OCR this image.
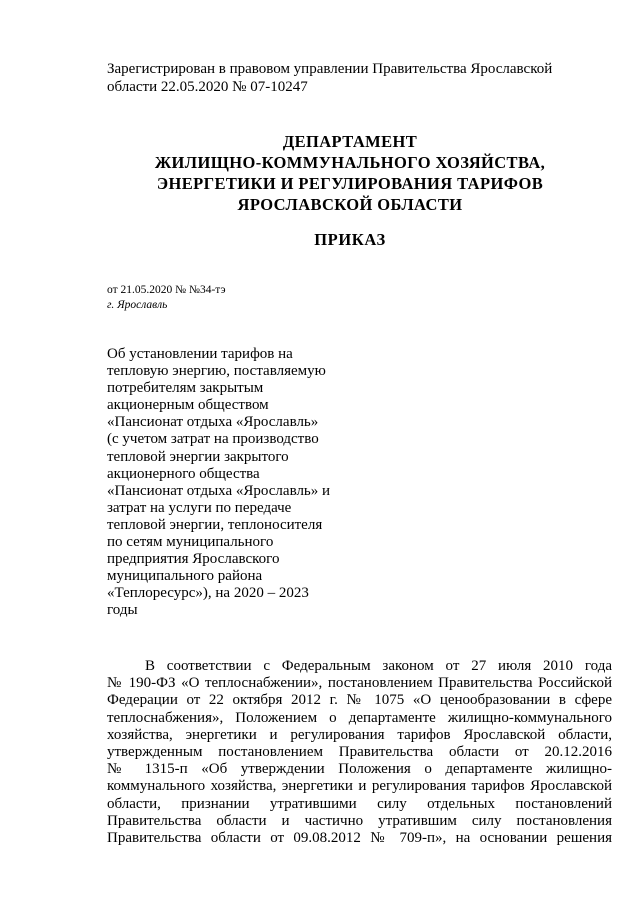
Зарегистрирован в правовом управлении Правительства Ярославской
области 22.05.2020 № 07-10247
ДЕПАРТАМЕНТ
ЖИЛИЩНО-КОММУНАЛЬНОГО ХОЗЯЙСТВА,
ЭНЕРГЕТИКИ И РЕГУЛИРОВАНИЯ ТАРИФОВ
ЯРОСЛАВСКОЙ ОБЛАСТИ
ПРИКАЗ
от 21.05.2020 № №34-тэ
г. Ярославль
Об установлении тарифов на
тепловую энергию, поставляемую
потребителям закрытым
акционерным обществом
«Пансионат отдыха «Ярославль»
(с учетом затрат на производство
тепловой энергии закрытого
акционерного общества
«Пансионат отдыха «Ярославль» и
затрат на услуги по передаче
тепловой энергии, теплоносителя
по сетям муниципального
предприятия Ярославского
муниципального района
«Теплоресурс»), на 2020 – 2023
годы
В соответствии с Федеральным законом от 27 июля 2010 года
№ 190-ФЗ «О теплоснабжении», постановлением Правительства Российской
Федерации от 22 октября 2012 г. № 1075 «О ценообразовании в сфере
теплоснабжения», Положением о департаменте жилищно-коммунального
хозяйства, энергетики и регулирования тарифов Ярославской области,
утвержденным постановлением Правительства области от 20.12.2016
№ 1315-п «Об утверждении Положения о департаменте жилищно-
коммунального хозяйства, энергетики и регулирования тарифов Ярославской
области, признании утратившими силу отдельных постановлений
Правительства области и частично утратившим силу постановления
Правительства области от 09.08.2012 № 709-п», на основании решения
